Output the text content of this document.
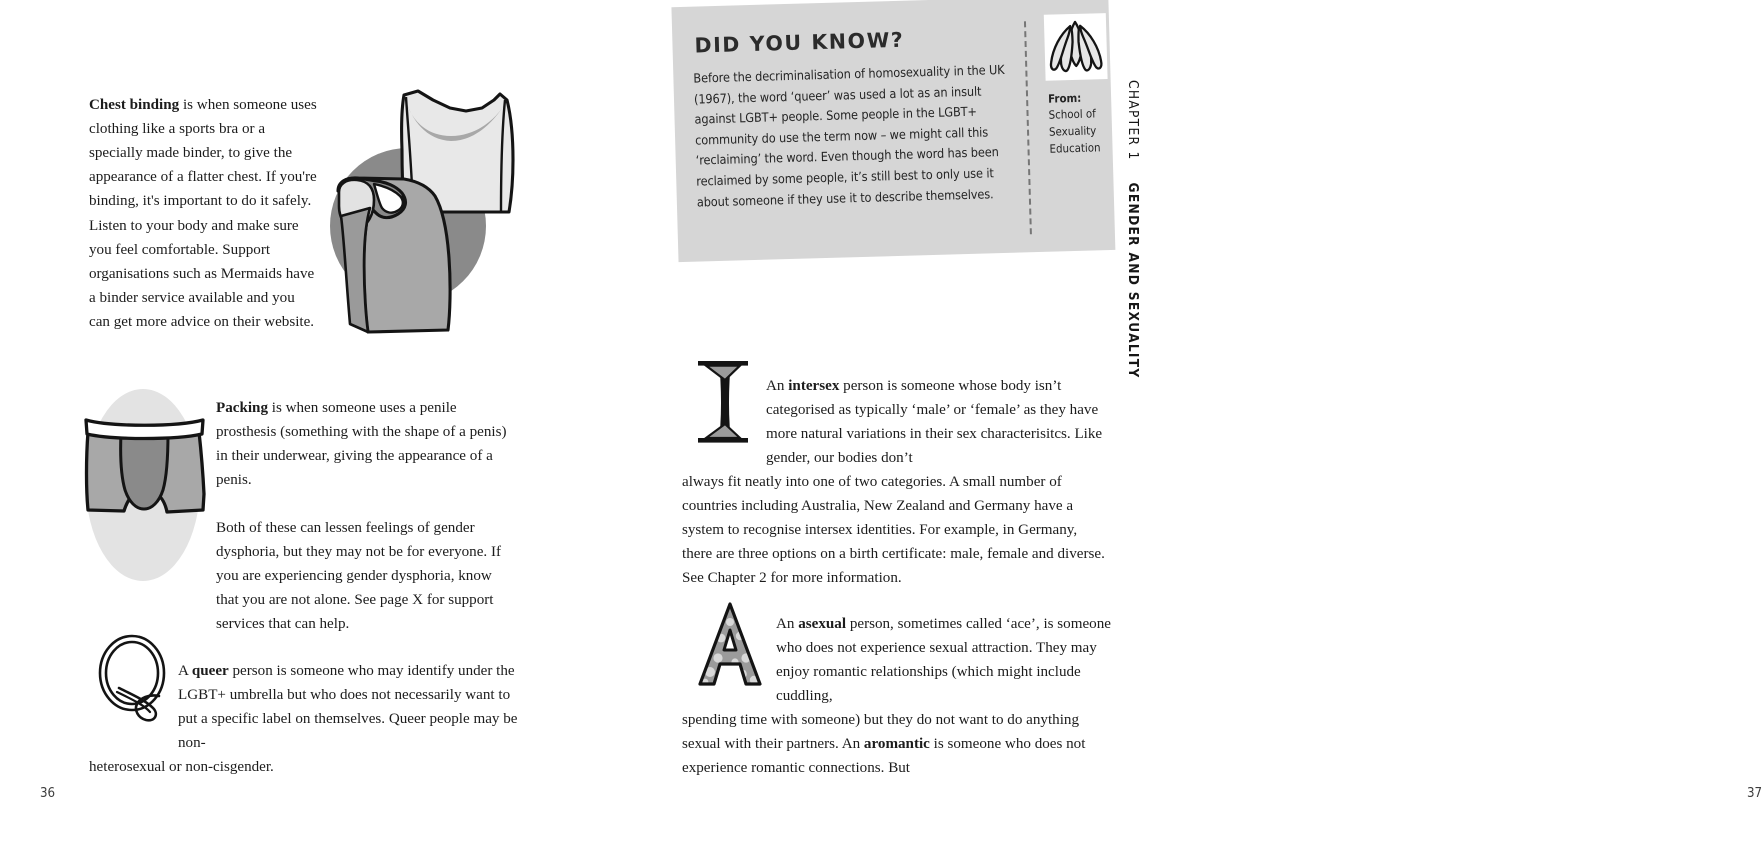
Chest binding is when someone uses clothing like a sports bra or a specially made binder, to give the appearance of a flatter chest. If you're binding, it's important to do it safely. Listen to your body and make sure you feel comfortable. Support organisations such as Mermaids have a binder service available and you can get more advice on their website.

Packing is when someone uses a penile prosthesis (something with the shape of a penis) in their underwear, giving the appearance of a penis.

Both of these can lessen feelings of gender dysphoria, but they may not be for everyone. If you are experiencing gender dysphoria, know that you are not alone. See page X for support services that can help.

A queer person is someone who may identify under the LGBT+ umbrella but who does not necessarily want to put a specific label on themselves. Queer people may be non-

heterosexual or non-cisgender.

36
DID YOU KNOW?
Before the decriminalisation of homosexuality in the UK (1967), the word ‘queer’ was used a lot as an insult against LGBT+ people. Some people in the LGBT+ community do use the term now – we might call this ‘reclaiming’ the word. Even though the word has been reclaimed by some people, it’s still best to only use it about someone if they use it to describe themselves.
From:
School of Sexuality Education

An intersex person is someone whose body isn’t categorised as typically ‘male’ or ‘female’ as they have more natural variations in their sex characterisitcs. Like gender, our bodies don’t

always fit neatly into one of two categories. A small number of countries including Australia, New Zealand and Germany have a system to recognise intersex identities. For example, in Germany, there are three options on a birth certificate: male, female and diverse. See Chapter 2 for more information.

An asexual person, sometimes called ‘ace’, is someone who does not experience sexual attraction. They may enjoy romantic relationships (which might include cuddling,

spending time with someone) but they do not want to do anything sexual with their partners. An aromantic is someone who does not experience romantic connections. But

37
CHAPTER 1GENDER AND SEXUALITY
